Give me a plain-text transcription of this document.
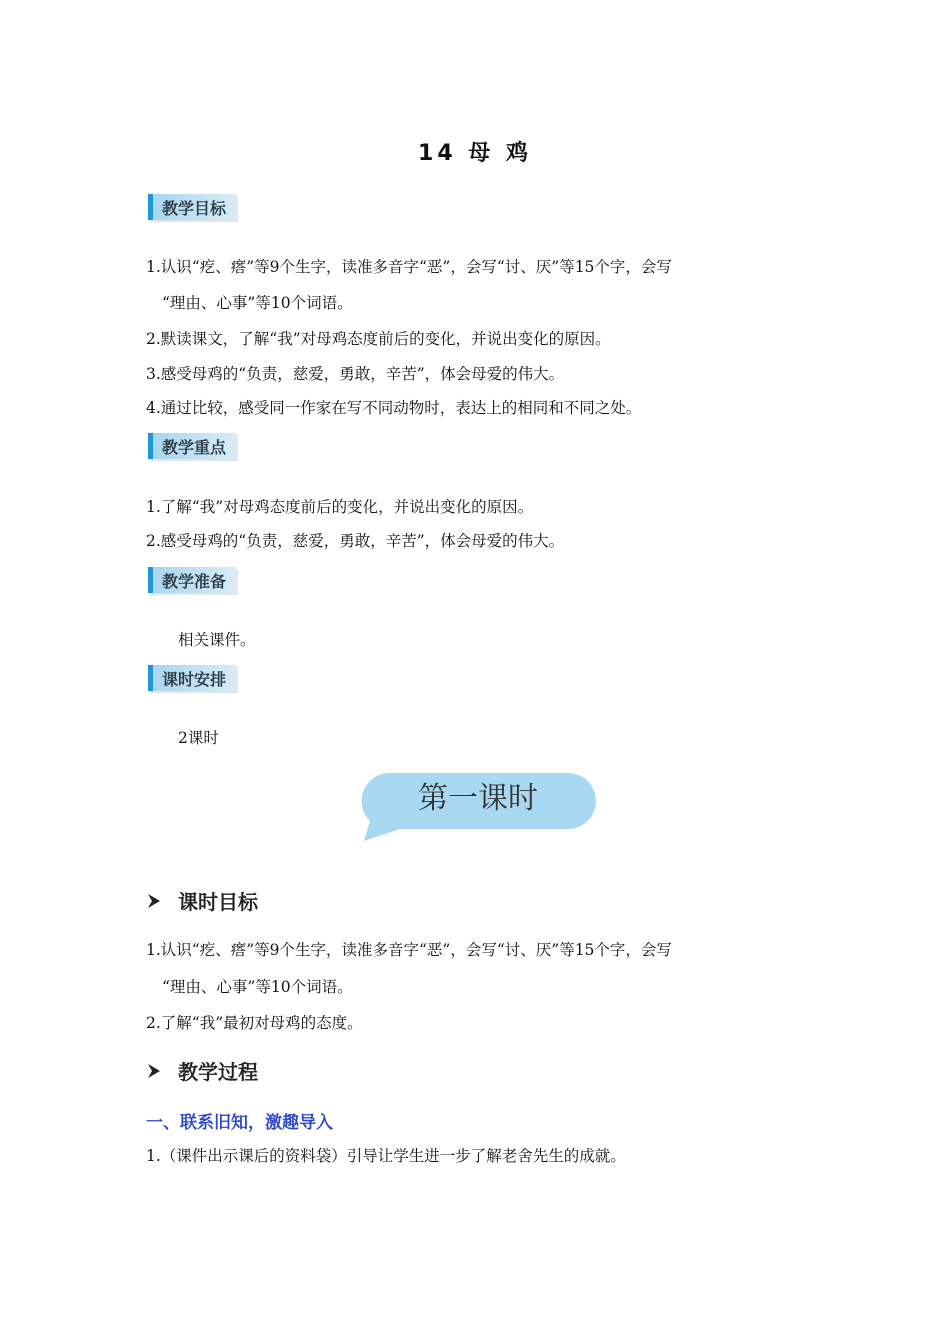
14 母 鸡
教学目标
1.认识“疙、瘩”等9个生字，读准多音字“恶”，会写“讨、厌”等15个字，会写
“理由、心事”等10个词语。
2.默读课文，了解“我”对母鸡态度前后的变化，并说出变化的原因。
3.感受母鸡的“负责，慈爱，勇敢，辛苦”，体会母爱的伟大。
4.通过比较，感受同一作家在写不同动物时，表达上的相同和不同之处。
教学重点
1.了解“我”对母鸡态度前后的变化，并说出变化的原因。
2.感受母鸡的“负责，慈爱，勇敢，辛苦”，体会母爱的伟大。
教学准备
相关课件。
课时安排
2课时
第一课时
课时目标
1.认识“疙、瘩”等9个生字，读准多音字“恶”，会写“讨、厌”等15个字，会写
“理由、心事”等10个词语。
2.了解“我”最初对母鸡的态度。
教学过程
一、联系旧知，激趣导入
1.（课件出示课后的资料袋）引导让学生进一步了解老舍先生的成就。
